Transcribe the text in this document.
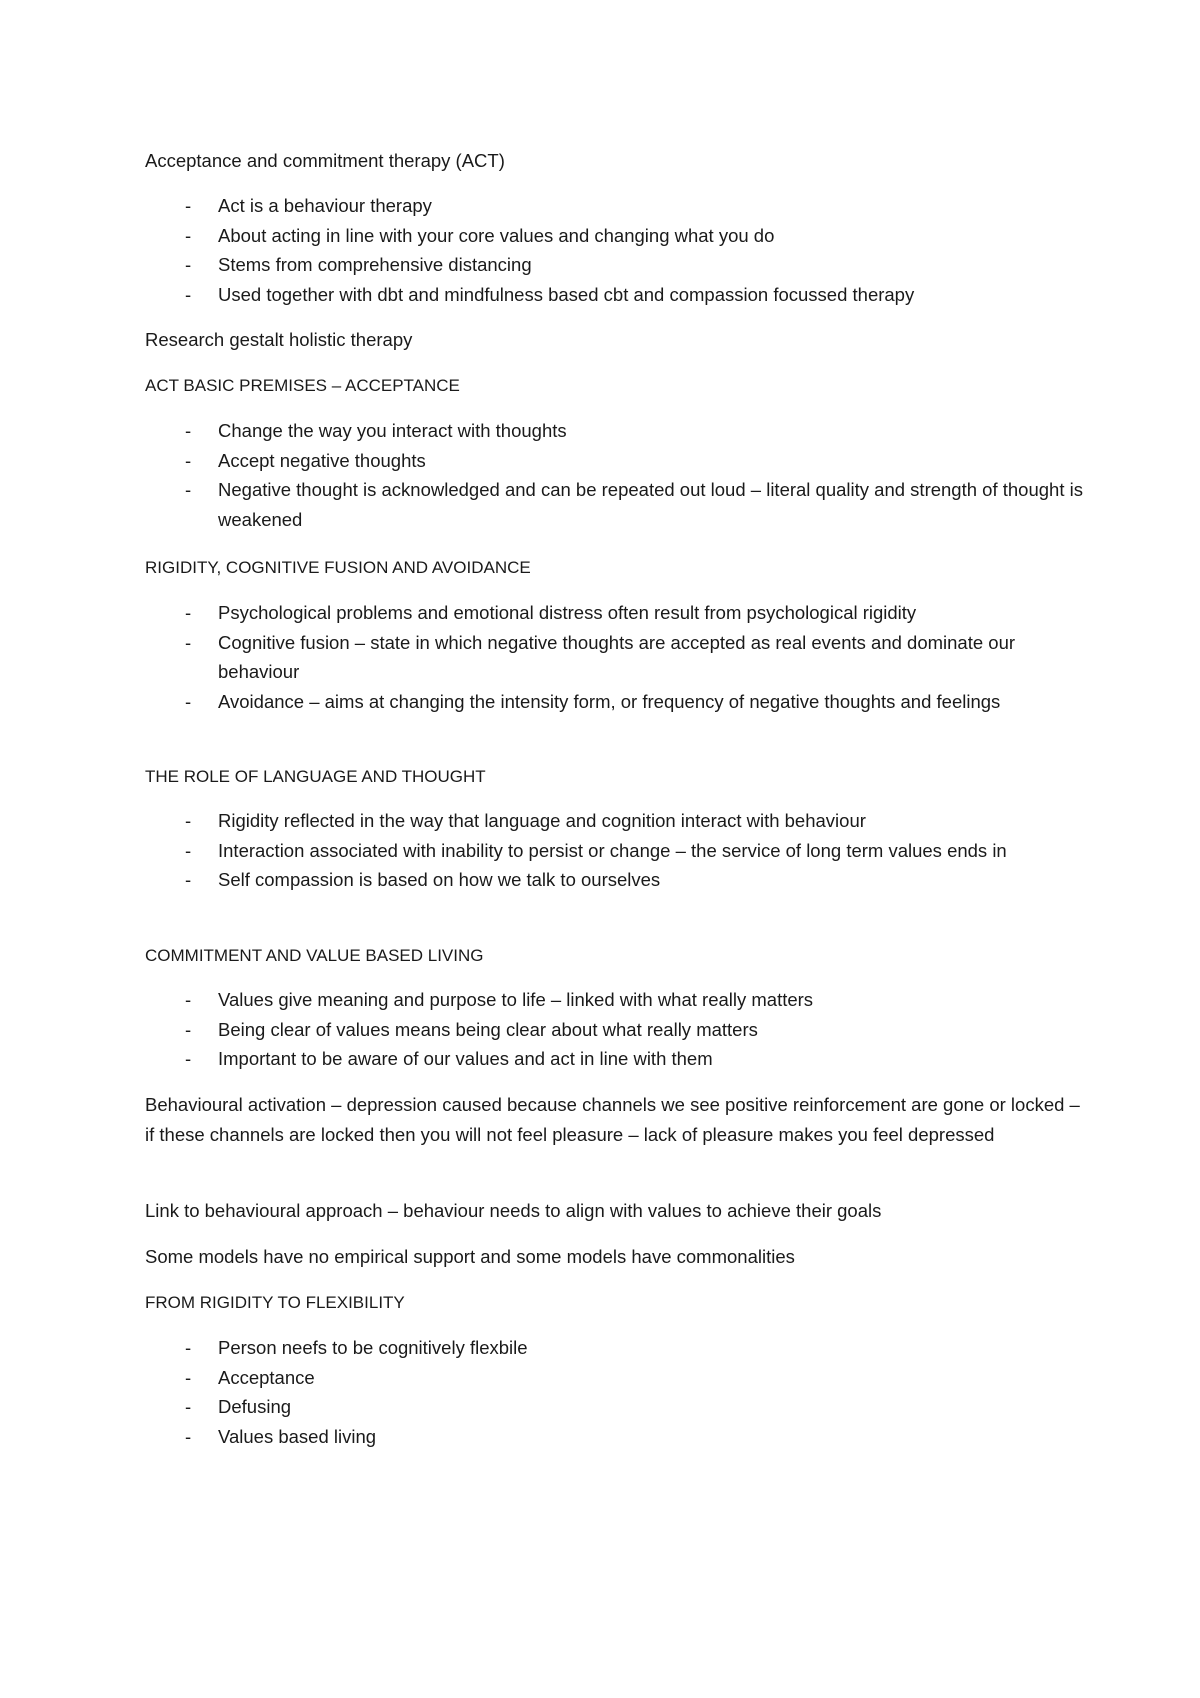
Acceptance and commitment therapy (ACT)

- Act is a behaviour therapy
- About acting in line with your core values and changing what you do
- Stems from comprehensive distancing
- Used together with dbt and mindfulness based cbt and compassion focussed therapy

Research gestalt holistic therapy

ACT BASIC PREMISES – ACCEPTANCE

- Change the way you interact with thoughts
- Accept negative thoughts
- Negative thought is acknowledged and can be repeated out loud – literal quality and strength of thought is weakened

RIGIDITY, COGNITIVE FUSION AND AVOIDANCE

- Psychological problems and emotional distress often result from psychological rigidity
- Cognitive fusion – state in which negative thoughts are accepted as real events and dominate our behaviour
- Avoidance – aims at changing the intensity form, or frequency of negative thoughts and feelings

THE ROLE OF LANGUAGE AND THOUGHT

- Rigidity reflected in the way that language and cognition interact with behaviour
- Interaction associated with inability to persist or change – the service of long term values ends in
- Self compassion is based on how we talk to ourselves

COMMITMENT AND VALUE BASED LIVING

- Values give meaning and purpose to life – linked with what really matters
- Being clear of values means being clear about what really matters
- Important to be aware of our values and act in line with them

Behavioural activation – depression caused because channels we see positive reinforcement are gone or locked – if these channels are locked then you will not feel pleasure – lack of pleasure makes you feel depressed

Link to behavioural approach – behaviour needs to align with values to achieve their goals

Some models have no empirical support and some models have commonalities

FROM RIGIDITY TO FLEXIBILITY

- Person neefs to be cognitively flexbile
- Acceptance
- Defusing
- Values based living
